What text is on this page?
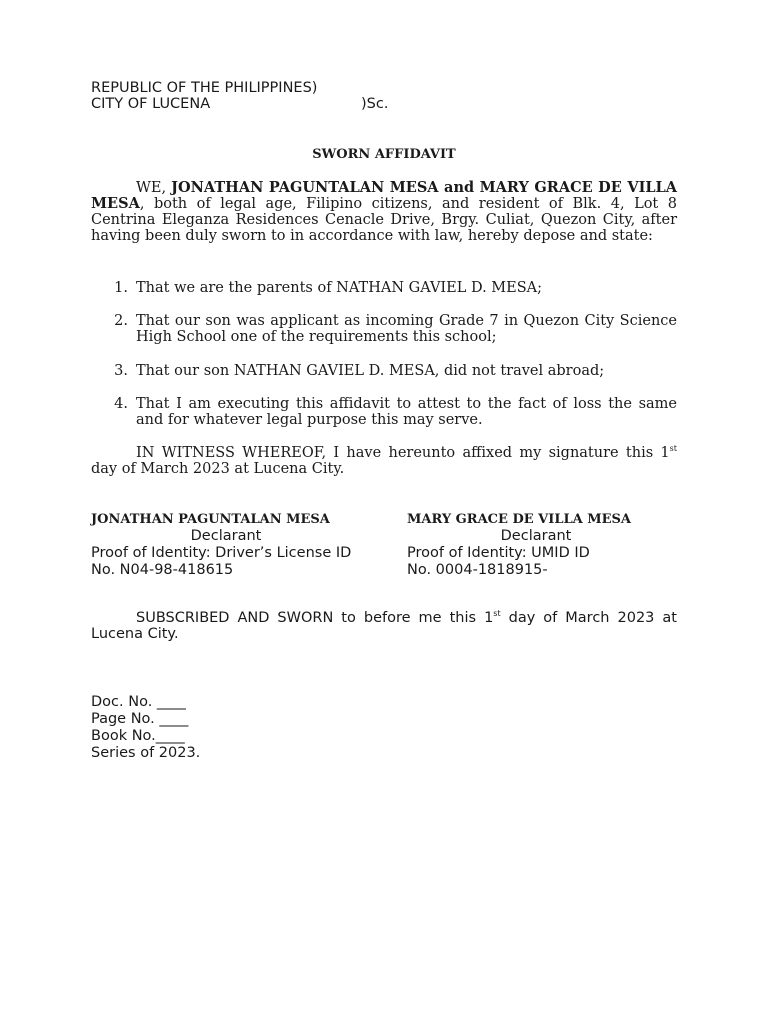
REPUBLIC OF THE PHILIPPINES)
CITY OF LUCENA	)Sc.
SWORN AFFIDAVIT
WE, JONATHAN PAGUNTALAN MESA and MARY GRACE DE VILLA MESA, both of legal age, Filipino citizens, and resident of Blk. 4, Lot 8 Centrina Eleganza Residences Cenacle Drive, Brgy. Culiat, Quezon City, after having been duly sworn to in accordance with law, hereby depose and state:
1. That we are the parents of NATHAN GAVIEL D. MESA;
2. That our son was applicant as incoming Grade 7 in Quezon City Science High School one of the requirements this school;
3. That our son NATHAN GAVIEL D. MESA, did not travel abroad;
4. That I am executing this affidavit to attest to the fact of loss the same and for whatever legal purpose this may serve.
IN WITNESS WHEREOF, I have hereunto affixed my signature this 1st day of March 2023 at Lucena City.
JONATHAN PAGUNTALAN MESA
Declarant
Proof of Identity: Driver’s License ID
No. N04-98-418615
MARY GRACE DE VILLA MESA
Declarant
Proof of Identity: UMID ID
No. 0004-1818915-
SUBSCRIBED AND SWORN to before me this 1st day of March 2023 at Lucena City.
Doc. No. ____
Page No. ____
Book No.____
Series of 2023.
